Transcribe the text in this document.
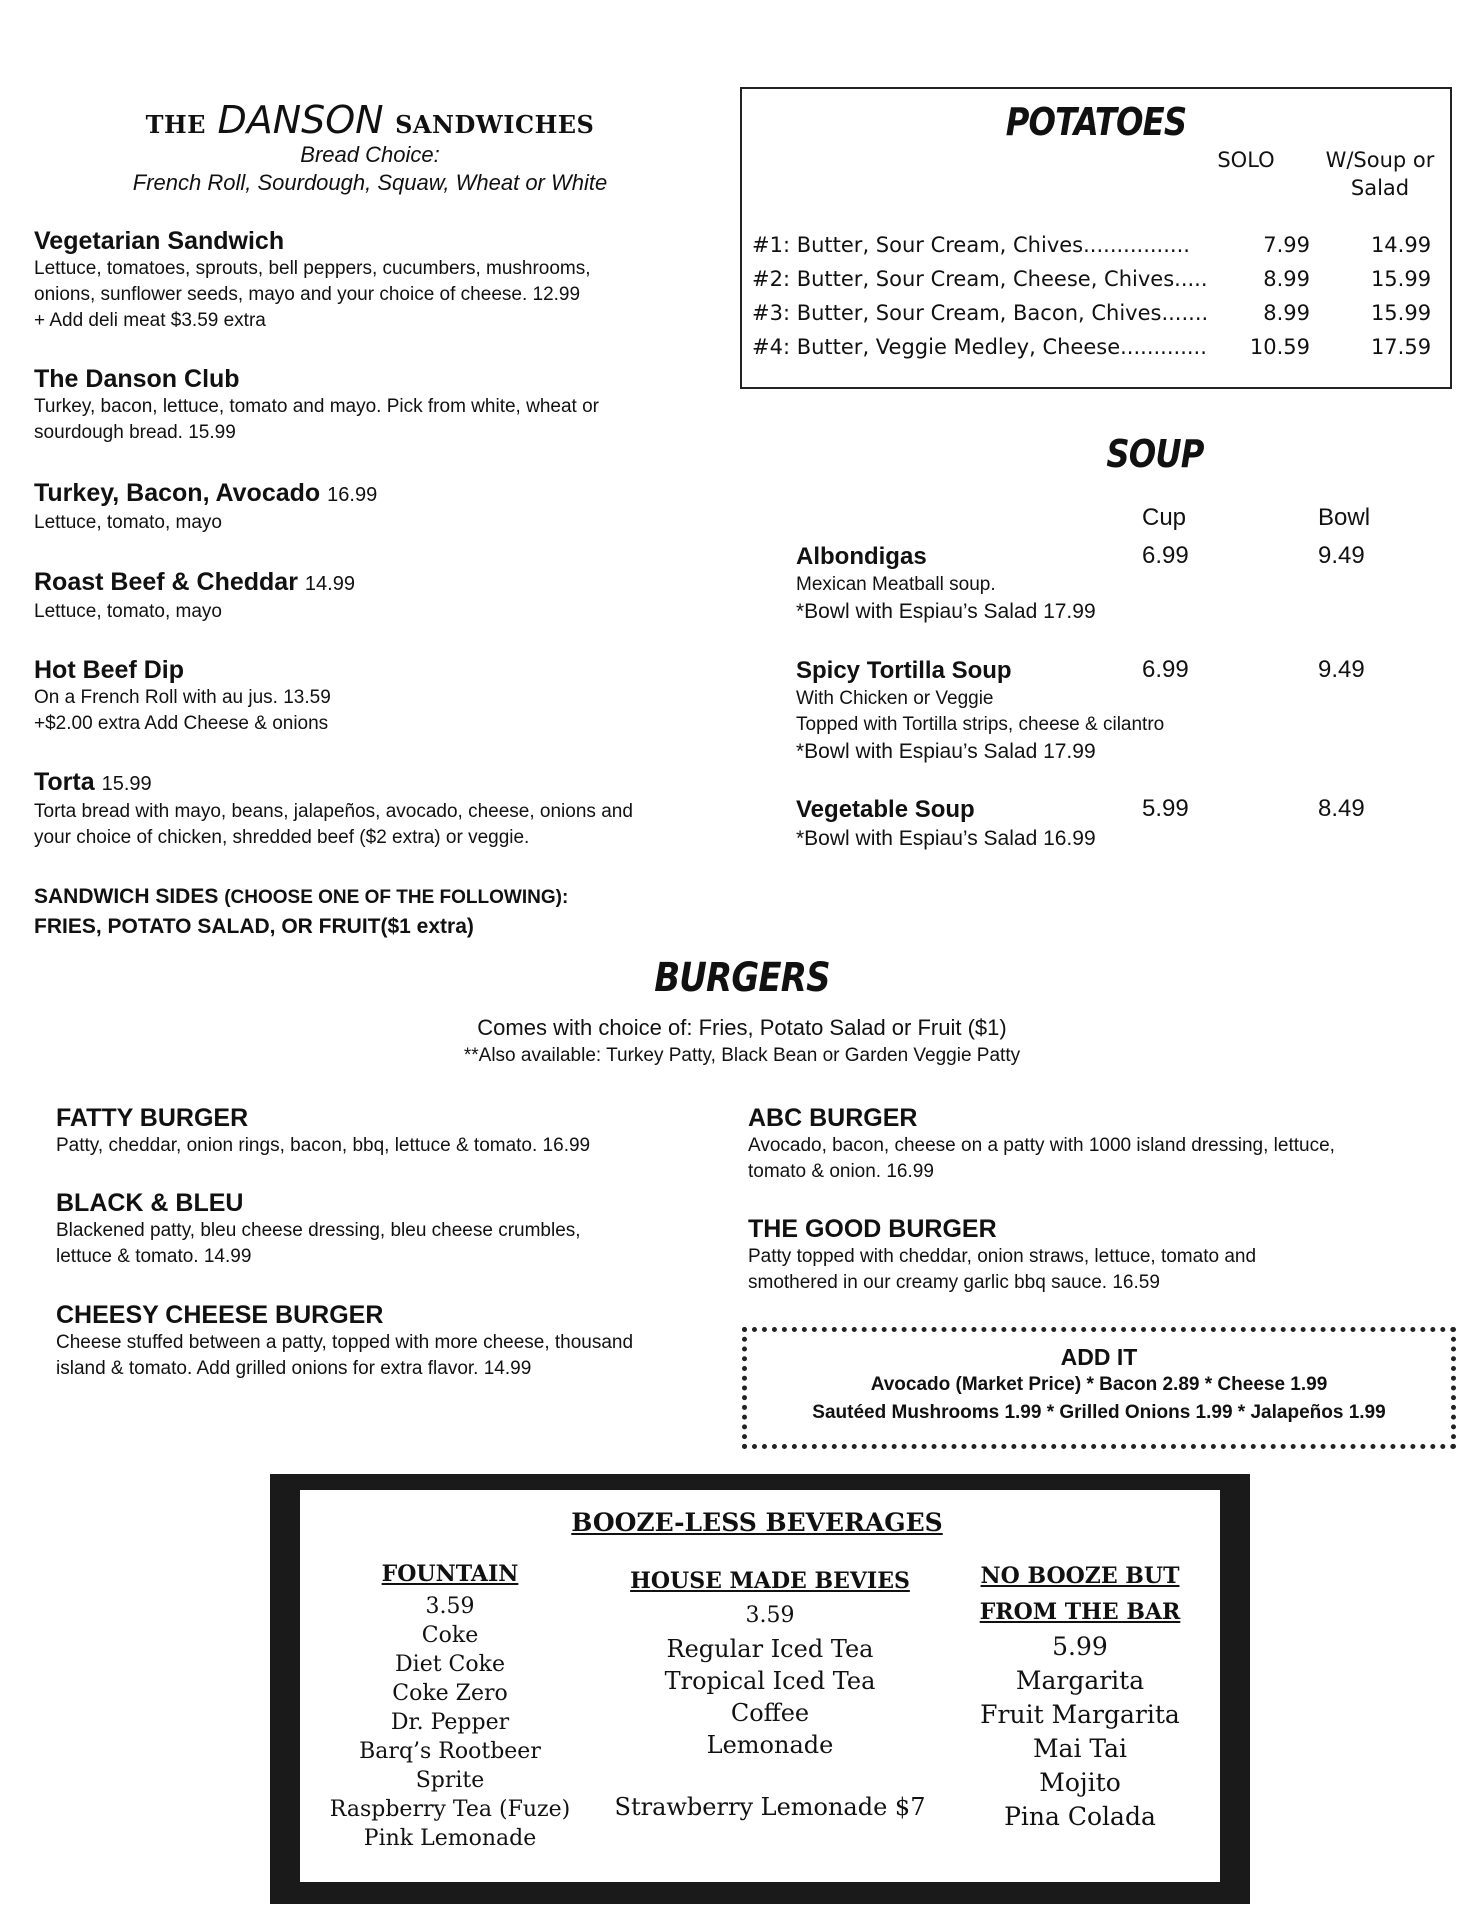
THE DANSON SANDWICHES
Bread Choice:
French Roll, Sourdough, Squaw, Wheat or White
Vegetarian Sandwich
Lettuce, tomatoes, sprouts, bell peppers, cucumbers, mushrooms,
onions, sunflower seeds, mayo and your choice of cheese. 12.99
+ Add deli meat $3.59 extra
The Danson Club
Turkey, bacon, lettuce, tomato and mayo. Pick from white, wheat or
sourdough bread. 15.99
Turkey, Bacon, Avocado 16.99
Lettuce, tomato, mayo
Roast Beef & Cheddar 14.99
Lettuce, tomato, mayo
Hot Beef Dip
On a French Roll with au jus. 13.59
+$2.00 extra Add Cheese & onions
Torta 15.99
Torta bread with mayo, beans, jalapeños, avocado, cheese, onions and
your choice of chicken, shredded beef ($2 extra) or veggie.
SANDWICH SIDES (CHOOSE ONE OF THE FOLLOWING):
FRIES, POTATO SALAD, OR FRUIT($1 extra)
POTATOES
SOLO	W/Soup or
Salad
#1: Butter, Sour Cream, Chives................	7.99	14.99
#2: Butter, Sour Cream, Cheese, Chives.....	8.99	15.99
#3: Butter, Sour Cream, Bacon, Chives.......	8.99	15.99
#4: Butter, Veggie Medley, Cheese.............	10.59	17.59
SOUP
Cup	Bowl
Albondigas	6.99	9.49
Mexican Meatball soup.
*Bowl with Espiau’s Salad 17.99
Spicy Tortilla Soup	6.99	9.49
With Chicken or Veggie
Topped with Tortilla strips, cheese & cilantro
*Bowl with Espiau’s Salad 17.99
Vegetable Soup	5.99	8.49
*Bowl with Espiau’s Salad 16.99
BURGERS
Comes with choice of: Fries, Potato Salad or Fruit ($1)
**Also available: Turkey Patty, Black Bean or Garden Veggie Patty
FATTY BURGER
Patty, cheddar, onion rings, bacon, bbq, lettuce & tomato. 16.99
BLACK & BLEU
Blackened patty, bleu cheese dressing, bleu cheese crumbles,
lettuce & tomato. 14.99
CHEESY CHEESE BURGER
Cheese stuffed between a patty, topped with more cheese, thousand
island & tomato. Add grilled onions for extra flavor. 14.99
ABC BURGER
Avocado, bacon, cheese on a patty with 1000 island dressing, lettuce,
tomato & onion. 16.99
THE GOOD BURGER
Patty topped with cheddar, onion straws, lettuce, tomato and
smothered in our creamy garlic bbq sauce. 16.59
ADD IT
Avocado (Market Price) * Bacon 2.89 * Cheese 1.99
Sautéed Mushrooms 1.99 * Grilled Onions 1.99 * Jalapeños 1.99
BOOZE-LESS BEVERAGES
FOUNTAIN
3.59
Coke
Diet Coke
Coke Zero
Dr. Pepper
Barq’s Rootbeer
Sprite
Raspberry Tea (Fuze)
Pink Lemonade
HOUSE MADE BEVIES
3.59
Regular Iced Tea
Tropical Iced Tea
Coffee
Lemonade
Strawberry Lemonade $7
NO BOOZE BUT
FROM THE BAR
5.99
Margarita
Fruit Margarita
Mai Tai
Mojito
Pina Colada
